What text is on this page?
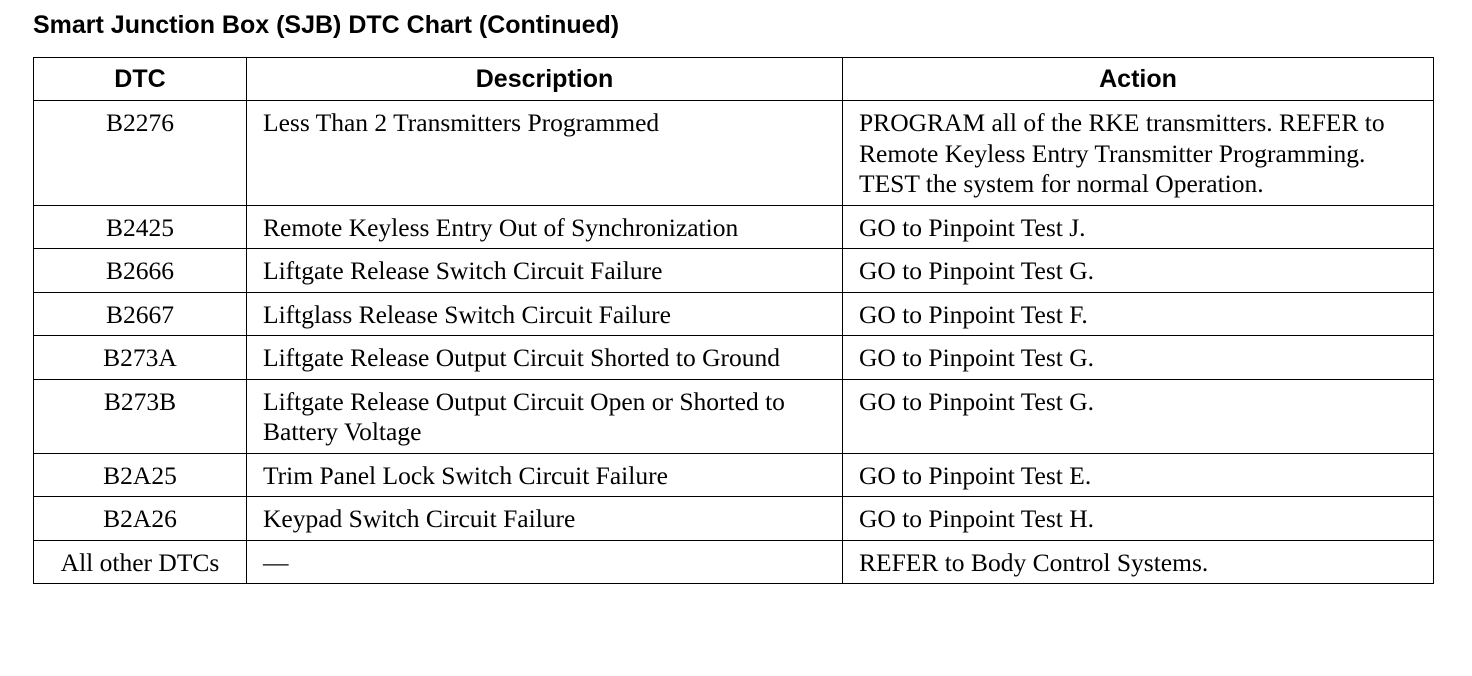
Smart Junction Box (SJB) DTC Chart (Continued)
DTC	Description	Action
B2276	Less Than 2 Transmitters Programmed	PROGRAM all of the RKE transmitters. REFER to Remote Keyless Entry Transmitter Programming. TEST the system for normal Operation.
B2425	Remote Keyless Entry Out of Synchronization	GO to Pinpoint Test J.
B2666	Liftgate Release Switch Circuit Failure	GO to Pinpoint Test G.
B2667	Liftglass Release Switch Circuit Failure	GO to Pinpoint Test F.
B273A	Liftgate Release Output Circuit Shorted to Ground	GO to Pinpoint Test G.
B273B	Liftgate Release Output Circuit Open or Shorted to Battery Voltage	GO to Pinpoint Test G.
B2A25	Trim Panel Lock Switch Circuit Failure	GO to Pinpoint Test E.
B2A26	Keypad Switch Circuit Failure	GO to Pinpoint Test H.
All other DTCs	—	REFER to Body Control Systems.
